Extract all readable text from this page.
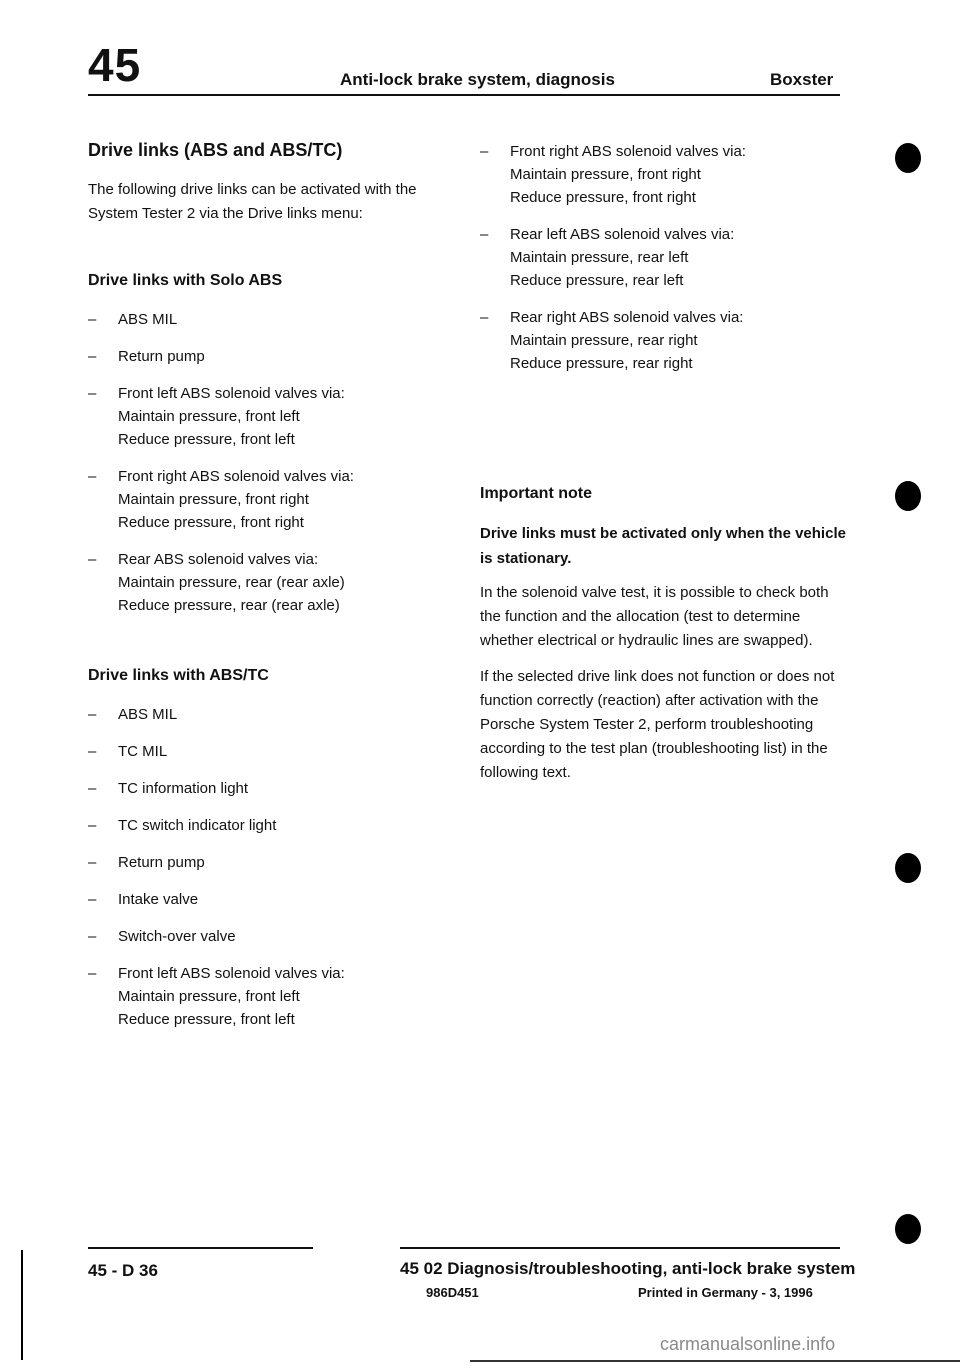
45	Anti-lock brake system, diagnosis	Boxster
Drive links (ABS and ABS/TC)

The following drive links can be activated with the System Tester 2 via the Drive links menu:

Drive links with Solo ABS
– ABS MIL
– Return pump
– Front left ABS solenoid valves via:
Maintain pressure, front left
Reduce pressure, front left
– Front right ABS solenoid valves via:
Maintain pressure, front right
Reduce pressure, front right
– Rear ABS solenoid valves via:
Maintain pressure, rear (rear axle)
Reduce pressure, rear (rear axle)
Drive links with ABS/TC
– ABS MIL
– TC MIL
– TC information light
– TC switch indicator light
– Return pump
– Intake valve
– Switch-over valve
– Front left ABS solenoid valves via:
Maintain pressure, front left
Reduce pressure, front left
– Front right ABS solenoid valves via:
Maintain pressure, front right
Reduce pressure, front right
– Rear left ABS solenoid valves via:
Maintain pressure, rear left
Reduce pressure, rear left
– Rear right ABS solenoid valves via:
Maintain pressure, rear right
Reduce pressure, rear right
Important note

Drive links must be activated only when the vehicle is stationary.

In the solenoid valve test, it is possible to check both the function and the allocation (test to determine whether electrical or hydraulic lines are swapped).

If the selected drive link does not function or does not function correctly (reaction) after activation with the Porsche System Tester 2, perform troubleshooting according to the test plan (troubleshooting list) in the following text.

45 - D 36	45 02 Diagnosis/troubleshooting, anti-lock brake system
986D451	Printed in Germany - 3, 1996
carmanualsonline.info
